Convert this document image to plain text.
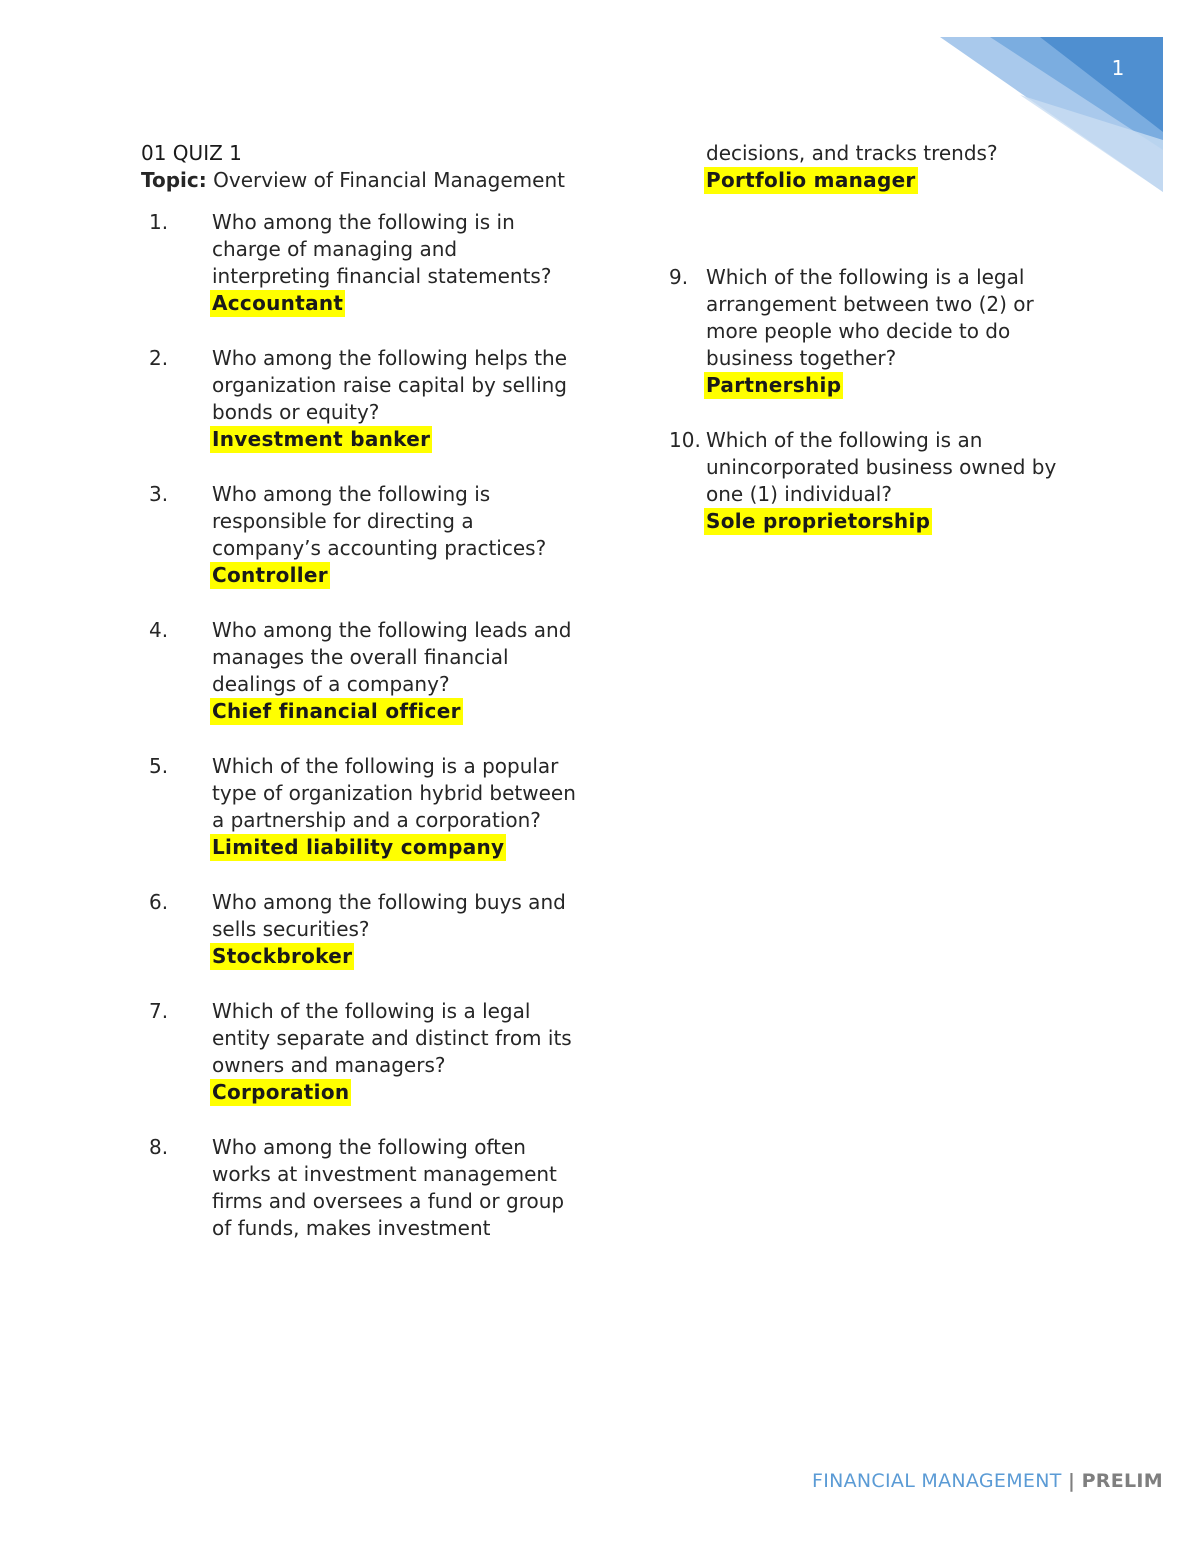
1
01 QUIZ 1
Topic: Overview of Financial Management
1.	Who among the following is in charge of managing and interpreting financial statements?
Accountant
2.	Who among the following helps the organization raise capital by selling bonds or equity?
Investment banker
3.	Who among the following is responsible for directing a company’s accounting practices?
Controller
4.	Who among the following leads and manages the overall financial dealings of a company?
Chief financial officer
5.	Which of the following is a popular type of organization hybrid between a partnership and a corporation?
Limited liability company
6.	Who among the following buys and sells securities?
Stockbroker
7.	Which of the following is a legal entity separate and distinct from its owners and managers?
Corporation
8.	Who among the following often works at investment management firms and oversees a fund or group of funds, makes investment
decisions, and tracks trends?
Portfolio manager
9. Which of the following is a legal arrangement between two (2) or more people who decide to do business together?
Partnership
10. Which of the following is an unincorporated business owned by one (1) individual?
Sole proprietorship
FINANCIAL MANAGEMENT | PRELIM
